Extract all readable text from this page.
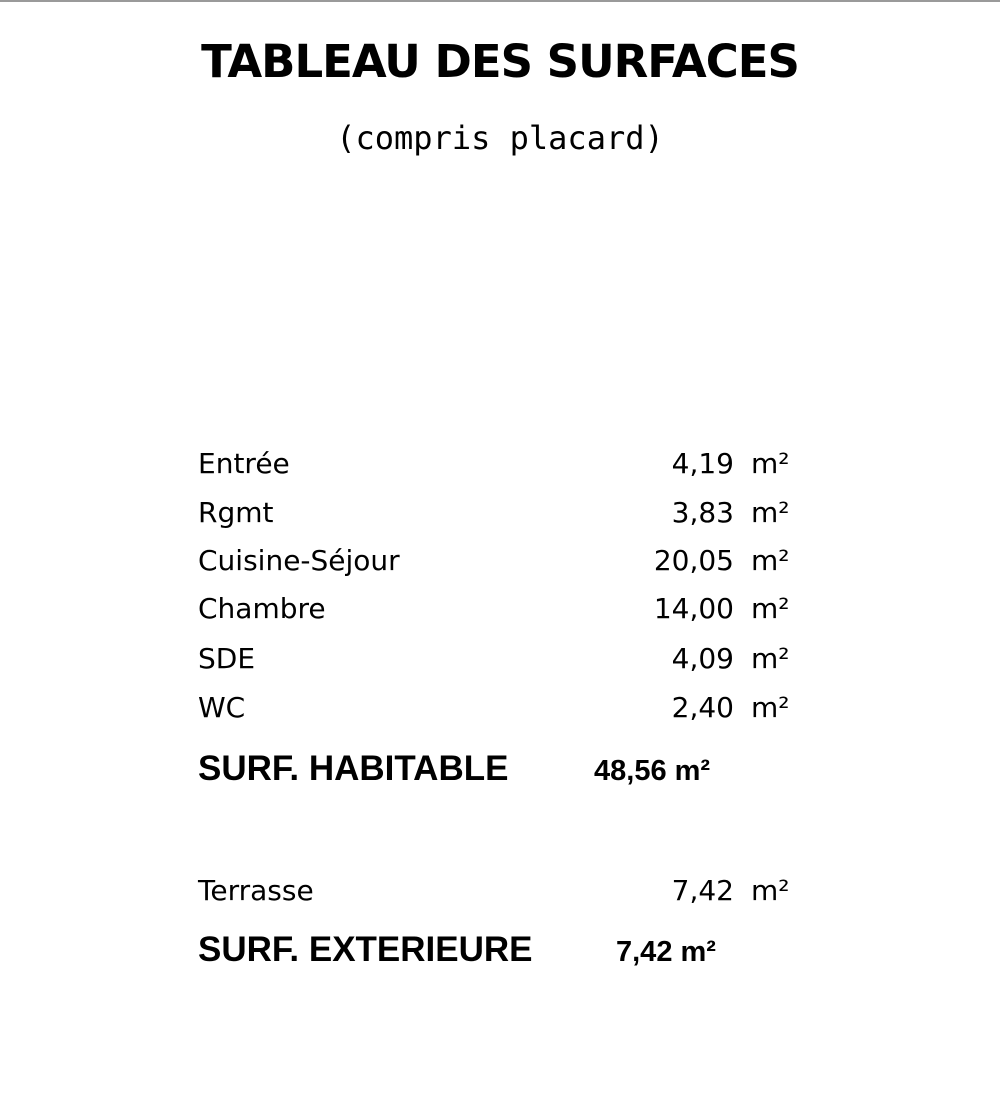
TABLEAU DES SURFACES
(compris placard)
Entrée	4,19 m²
Rgmt	3,83 m²
Cuisine-Séjour	20,05 m²
Chambre	14,00 m²
SDE	4,09 m²
WC	2,40 m²
SURF. HABITABLE	48,56 m²
Terrasse	7,42 m²
SURF. EXTERIEURE	7,42 m²
